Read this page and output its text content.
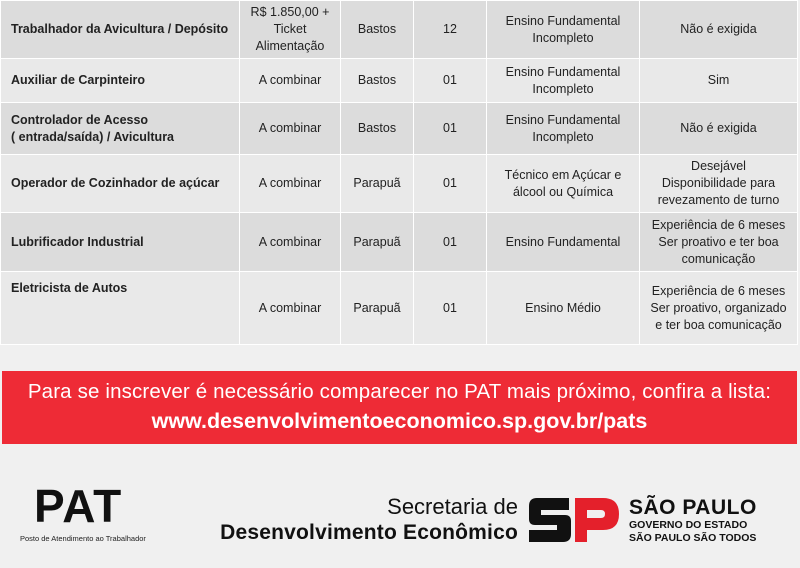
Trabalhador da Avicultura / Depósito	R$ 1.850,00 +
Ticket
Alimentação	Bastos	12	Ensino Fundamental
Incompleto	Não é exigida
Auxiliar de Carpinteiro	A combinar	Bastos	01	Ensino Fundamental
Incompleto	Sim
Controlador de Acesso
( entrada/saída) / Avicultura	A combinar	Bastos	01	Ensino Fundamental
Incompleto	Não é exigida
Operador de Cozinhador de açúcar	A combinar	Parapuã	01	Técnico em Açúcar e
álcool ou Química	Desejável
Disponibilidade para
revezamento de turno
Lubrificador Industrial	A combinar	Parapuã	01	Ensino Fundamental	Experiência de 6 meses
Ser proativo e ter boa
comunicação
Eletricista de Autos	A combinar	Parapuã	01	Ensino Médio	Experiência de 6 meses
Ser proativo, organizado
e ter boa comunicação
Para se inscrever é necessário comparecer no PAT mais próximo, confira a lista:
www.desenvolvimentoeconomico.sp.gov.br/pats
PAT
Posto de Atendimento ao Trabalhador
Secretaria de
Desenvolvimento Econômico
SÃO PAULO
GOVERNO DO ESTADO
SÃO PAULO SÃO TODOS
